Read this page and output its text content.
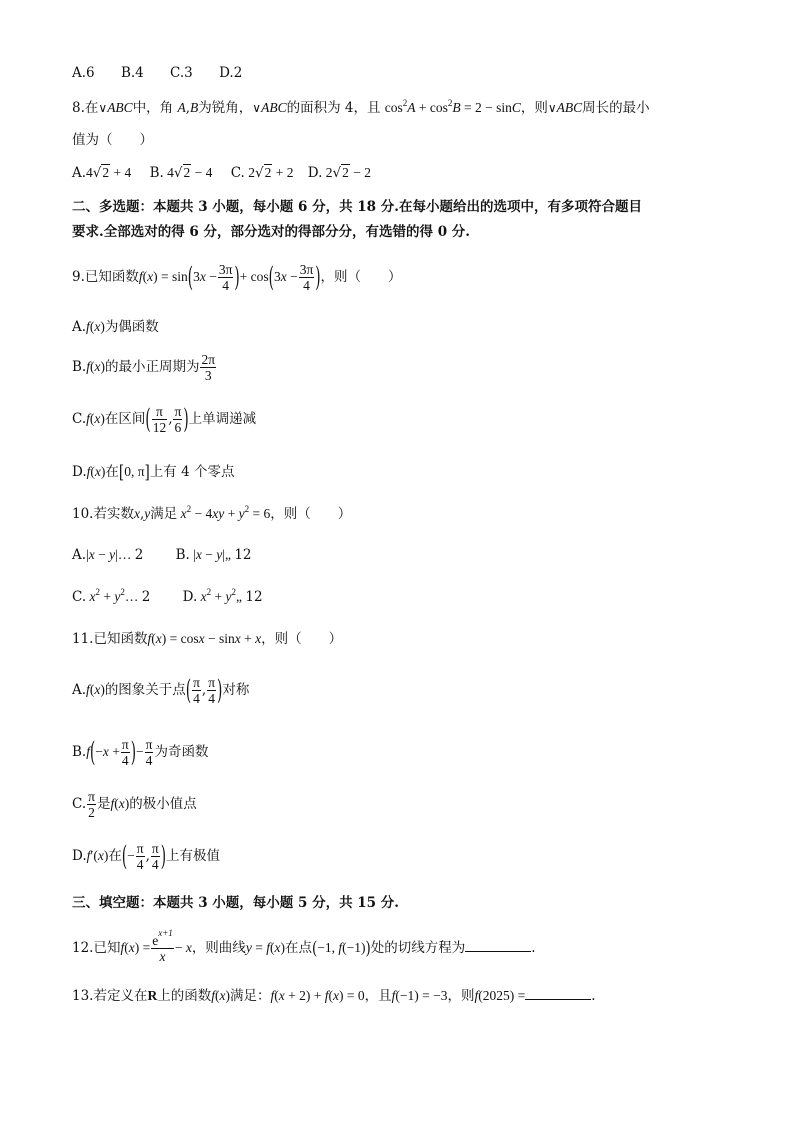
A.6 B.4 C.3 D.2
8.在∨ABC中，角 A,B为锐角，∨ABC的面积为 4，且 $\cos^2A + \cos^2B = 2 - \sin C$，则∨ABC周长的最小
值为（　　）
A.4√2 + 4 B. 4√2 − 4 C. 2√2 + 2 D. 2√2 − 2
二、多选题：本题共 3 小题，每小题 6 分，共 18 分.在每小题给出的选项中，有多项符合题目
要求.全部选对的得 6 分，部分选对的得部分分，有选错的得 0 分.
9.已知函数$f(x) = \sin(3x - \frac{3\pi}{4}$ )+ $\cos(3x - \frac{3\pi}{4}$ )，则（　　）
A.f(x)为偶函数
B.f(x)的最小正周期为 $\frac{2\pi}{3}$
C.f(x)在区间( $\frac{\pi}{12}$ , $\frac{\pi}{6}$ )上单调递减
D.f(x)在[0, π]上有 4 个零点
10.若实数x,y满足 $x^2 - 4xy + y^2 = 6$，则（　　）
A.|x − y|… 2 B. |x − y|„ 12
C. $x^2$ + $y^2\dots$ 2 D. $x^2$ + $y^2„$ 12
11.已知函数f(x) = cosx − sinx + x，则（　　）
A.f(x)的图象关于点( $\frac{\pi}{4}$ , $\frac{\pi}{4}$ )对称
$B.f(-x + \frac{\pi}{4}$ )− $\frac{\pi}{4}$ 为奇函数
C. $\frac{\pi}{2}$ 是f(x)的极小值点
D.f′(x)在(− $\frac{\pi}{4}$ , $\frac{\pi}{4}$ )上有极值
三、填空题：本题共 3 小题，每小题 5 分，共 15 分.
12.已知$f(x) = \frac{e^{x+1}}{x} - x$，则曲线y = f(x)在点(−1, f(−1))处的切线方程为	.
13.若定义在R上的函数f(x)满足：f(x + 2) + f(x) = 0，且f(−1) = −3，则f(2025) =	.
